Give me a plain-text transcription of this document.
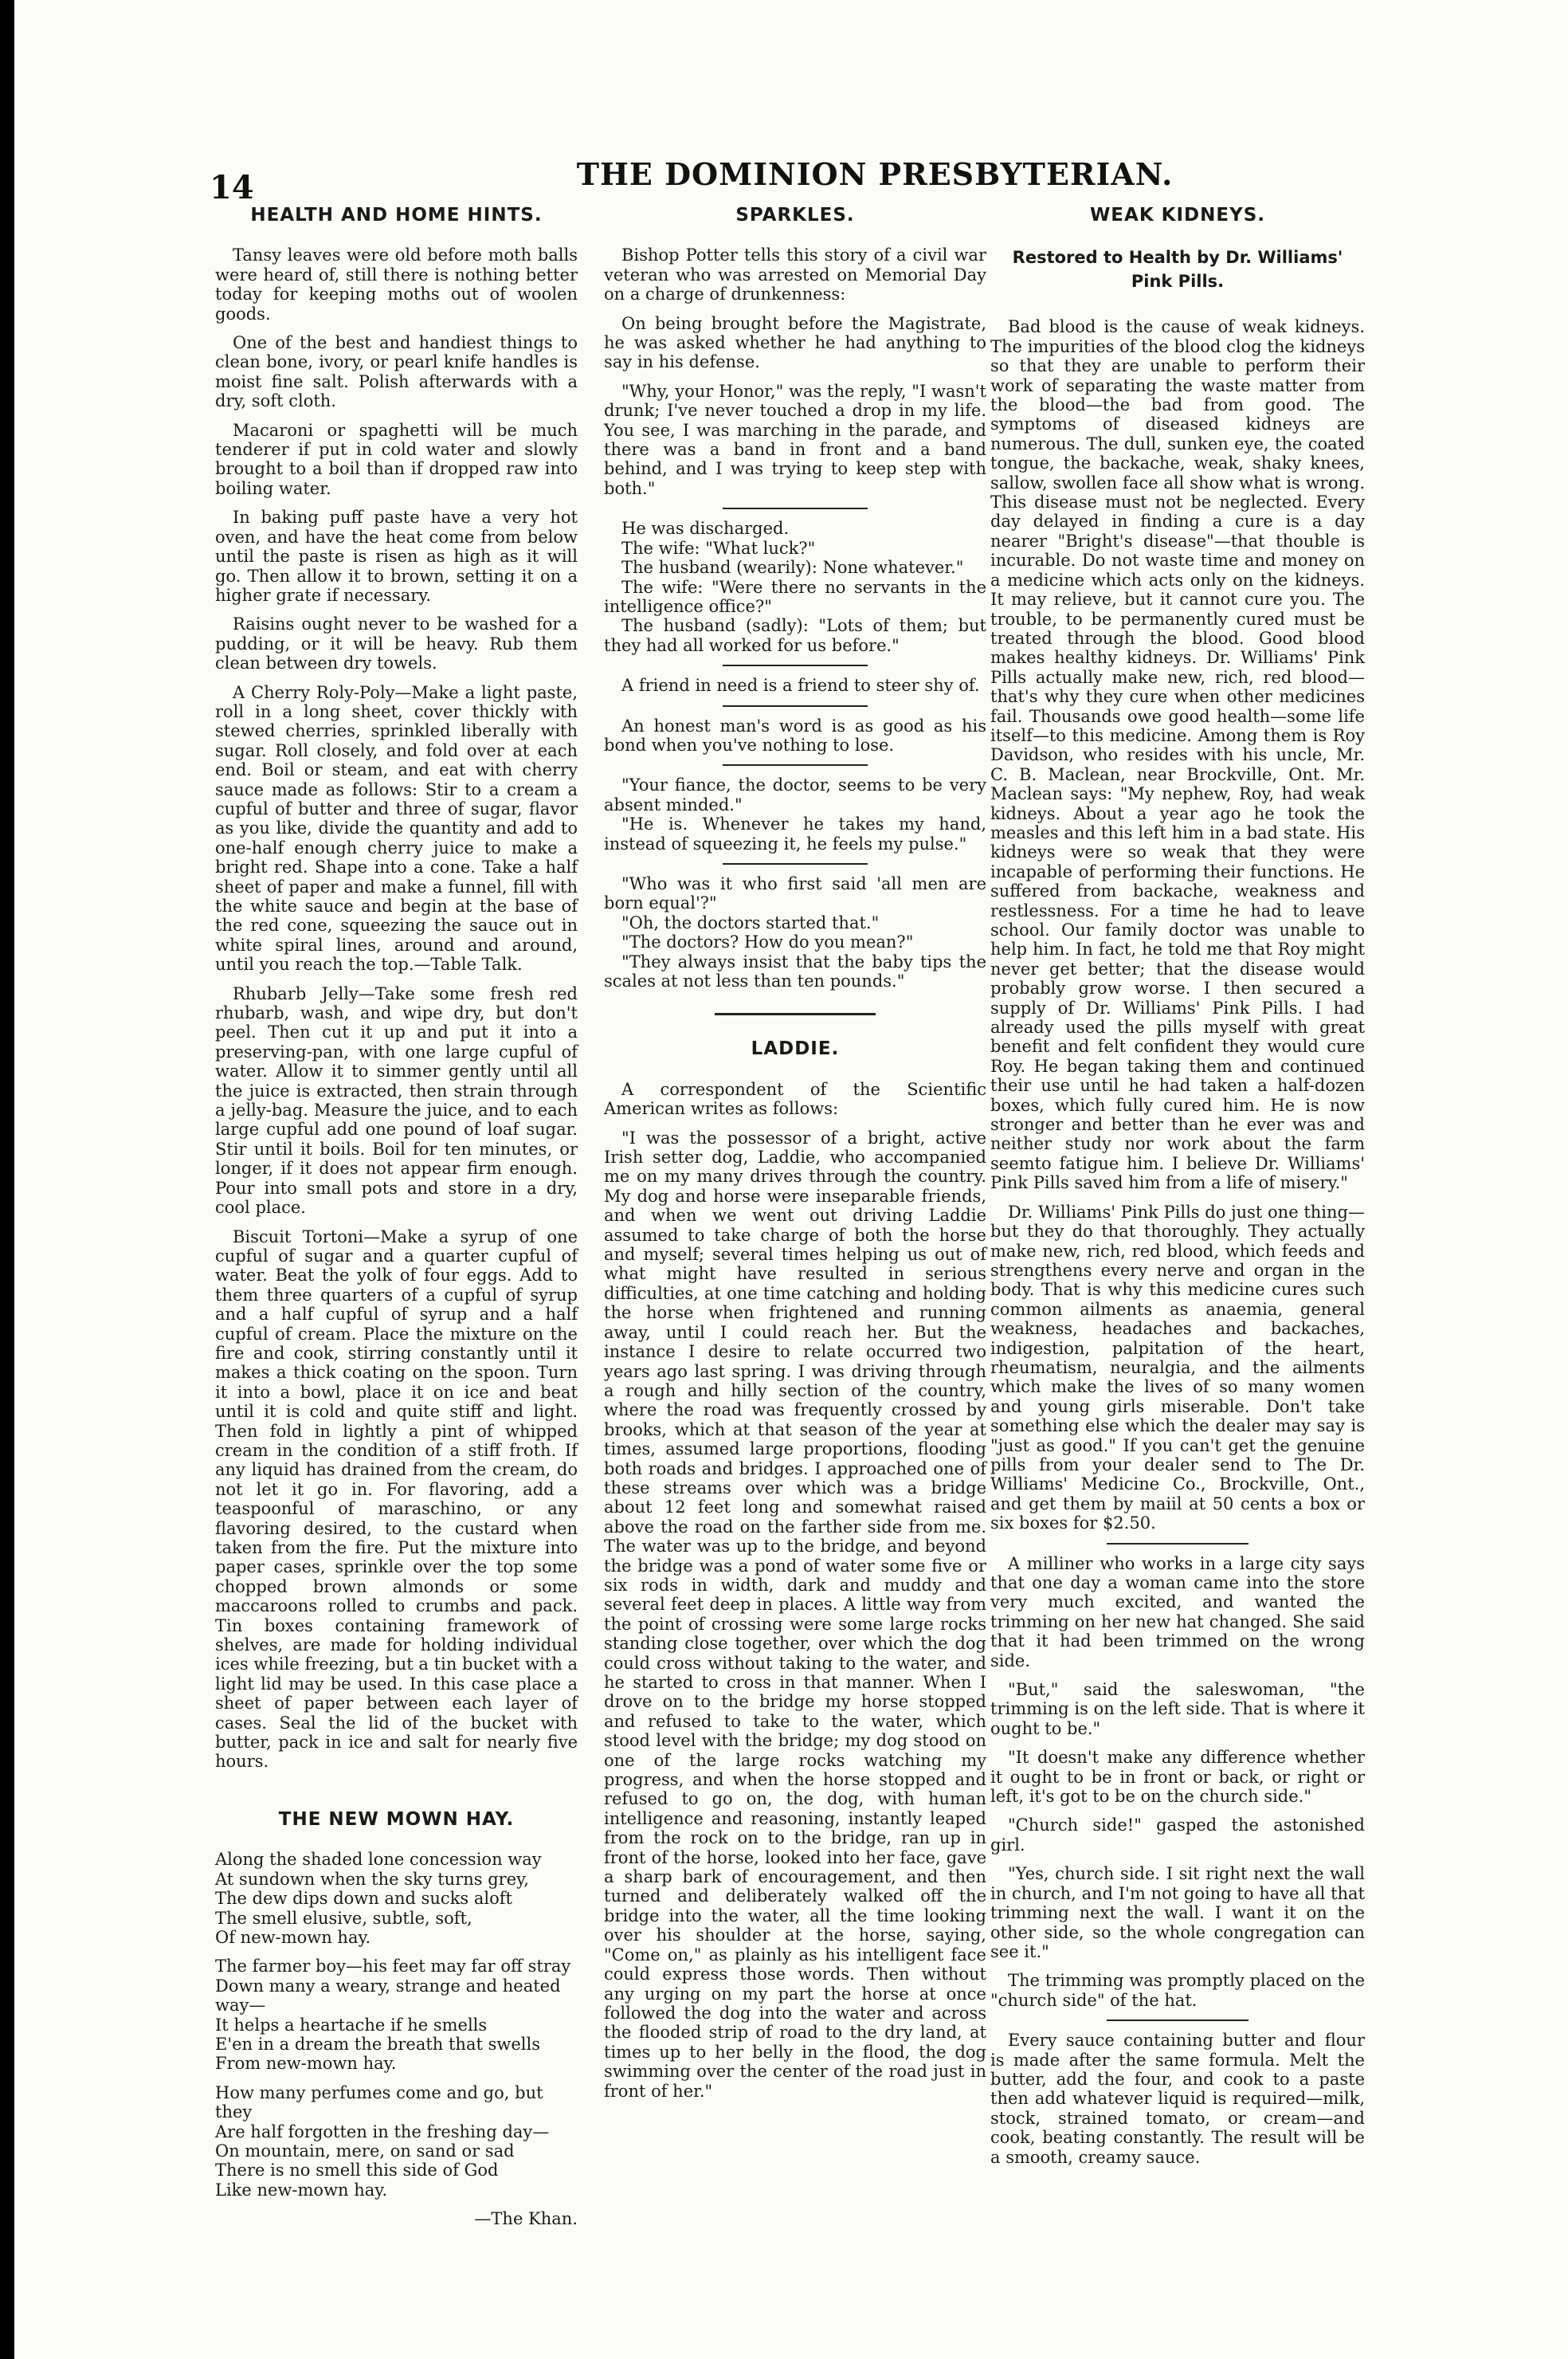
14	THE DOMINION PRESBYTERIAN.
HEALTH AND HOME HINTS.

Tansy leaves were old before moth balls were heard of, still there is nothing better today for keeping moths out of woolen goods.

One of the best and handiest things to clean bone, ivory, or pearl knife handles is moist fine salt. Polish afterwards with a dry, soft cloth.

Macaroni or spaghetti will be much tenderer if put in cold water and slowly brought to a boil than if dropped raw into boiling water.

In baking puff paste have a very hot oven, and have the heat come from below until the paste is risen as high as it will go. Then allow it to brown, setting it on a higher grate if necessary.

Raisins ought never to be washed for a pudding, or it will be heavy. Rub them clean between dry towels.

A Cherry Roly-Poly—Make a light paste, roll in a long sheet, cover thickly with stewed cherries, sprinkled liberally with sugar. Roll closely, and fold over at each end. Boil or steam, and eat with cherry sauce made as follows: Stir to a cream a cupful of butter and three of sugar, flavor as you like, divide the quantity and add to one-half enough cherry juice to make a bright red. Shape into a cone. Take a half sheet of paper and make a funnel, fill with the white sauce and begin at the base of the red cone, squeezing the sauce out in white spiral lines, around and around, until you reach the top.—Table Talk.

Rhubarb Jelly—Take some fresh red rhubarb, wash, and wipe dry, but don't peel. Then cut it up and put it into a preserving-pan, with one large cupful of water. Allow it to simmer gently until all the juice is extracted, then strain through a jelly-bag. Measure the juice, and to each large cupful add one pound of loaf sugar. Stir until it boils. Boil for ten minutes, or longer, if it does not appear firm enough. Pour into small pots and store in a dry, cool place.

Biscuit Tortoni—Make a syrup of one cupful of sugar and a quarter cupful of water. Beat the yolk of four eggs. Add to them three quarters of a cupful of syrup and a half cupful of syrup and a half cupful of cream. Place the mixture on the fire and cook, stirring constantly until it makes a thick coating on the spoon. Turn it into a bowl, place it on ice and beat until it is cold and quite stiff and light. Then fold in lightly a pint of whipped cream in the condition of a stiff froth. If any liquid has drained from the cream, do not let it go in. For flavoring, add a teaspoonful of maraschino, or any flavoring desired, to the custard when taken from the fire. Put the mixture into paper cases, sprinkle over the top some chopped brown almonds or some maccaroons rolled to crumbs and pack. Tin boxes containing framework of shelves, are made for holding individual ices while freezing, but a tin bucket with a light lid may be used. In this case place a sheet of paper between each layer of cases. Seal the lid of the bucket with butter, pack in ice and salt for nearly five hours.

THE NEW MOWN HAY.
Along the shaded lone concession way
At sundown when the sky turns grey,
The dew dips down and sucks aloft
The smell elusive, subtle, soft,
Of new-mown hay.
The farmer boy—his feet may far off stray
Down many a weary, strange and heated way—
It helps a heartache if he smells
E'en in a dream the breath that swells
From new-mown hay.
How many perfumes come and go, but they
Are half forgotten in the freshing day—
On mountain, mere, on sand or sad
There is no smell this side of God
Like new-mown hay.
—The Khan.
SPARKLES.

Bishop Potter tells this story of a civil war veteran who was arrested on Memorial Day on a charge of drunkenness:

On being brought before the Magistrate, he was asked whether he had anything to say in his defense.

"Why, your Honor," was the reply, "I wasn't drunk; I've never touched a drop in my life. You see, I was marching in the parade, and there was a band in front and a band behind, and I was trying to keep step with both."

He was discharged.

The wife: "What luck?"

The husband (wearily): None whatever."

The wife: "Were there no servants in the intelligence office?"

The husband (sadly): "Lots of them; but they had all worked for us before."

A friend in need is a friend to steer shy of.

An honest man's word is as good as his bond when you've nothing to lose.

"Your fiance, the doctor, seems to be very absent minded."

"He is. Whenever he takes my hand, instead of squeezing it, he feels my pulse."

"Who was it who first said 'all men are born equal'?"

"Oh, the doctors started that."

"The doctors? How do you mean?"

"They always insist that the baby tips the scales at not less than ten pounds."

LADDIE.

A correspondent of the Scientific American writes as follows:

"I was the possessor of a bright, active Irish setter dog, Laddie, who accompanied me on my many drives through the country. My dog and horse were inseparable friends, and when we went out driving Laddie assumed to take charge of both the horse and myself; several times helping us out of what might have resulted in serious difficulties, at one time catching and holding the horse when frightened and running away, until I could reach her. But the instance I desire to relate occurred two years ago last spring. I was driving through a rough and hilly section of the country, where the road was frequently crossed by brooks, which at that season of the year at times, assumed large proportions, flooding both roads and bridges. I approached one of these streams over which was a bridge about 12 feet long and somewhat raised above the road on the farther side from me. The water was up to the bridge, and beyond the bridge was a pond of water some five or six rods in width, dark and muddy and several feet deep in places. A little way from the point of crossing were some large rocks standing close together, over which the dog could cross without taking to the water, and he started to cross in that manner. When I drove on to the bridge my horse stopped and refused to take to the water, which stood level with the bridge; my dog stood on one of the large rocks watching my progress, and when the horse stopped and refused to go on, the dog, with human intelligence and reasoning, instantly leaped from the rock on to the bridge, ran up in front of the horse, looked into her face, gave a sharp bark of encouragement, and then turned and deliberately walked off the bridge into the water, all the time looking over his shoulder at the horse, saying, "Come on," as plainly as his intelligent face could express those words. Then without any urging on my part the horse at once followed the dog into the water and across the flooded strip of road to the dry land, at times up to her belly in the flood, the dog swimming over the center of the road just in front of her."

WEAK KIDNEYS.
Restored to Health by Dr. Williams' Pink Pills.

Bad blood is the cause of weak kidneys. The impurities of the blood clog the kidneys so that they are unable to perform their work of separating the waste matter from the blood—the bad from good. The symptoms of diseased kidneys are numerous. The dull, sunken eye, the coated tongue, the backache, weak, shaky knees, sallow, swollen face all show what is wrong. This disease must not be neglected. Every day delayed in finding a cure is a day nearer "Bright's disease"—that thouble is incurable. Do not waste time and money on a medicine which acts only on the kidneys. It may relieve, but it cannot cure you. The trouble, to be permanently cured must be treated through the blood. Good blood makes healthy kidneys. Dr. Williams' Pink Pills actually make new, rich, red blood—that's why they cure when other medicines fail. Thousands owe good health—some life itself—to this medicine. Among them is Roy Davidson, who resides with his uncle, Mr. C. B. Maclean, near Brockville, Ont. Mr. Maclean says: "My nephew, Roy, had weak kidneys. About a year ago he took the measles and this left him in a bad state. His kidneys were so weak that they were incapable of performing their functions. He suffered from backache, weakness and restlessness. For a time he had to leave school. Our family doctor was unable to help him. In fact, he told me that Roy might never get better; that the disease would probably grow worse. I then secured a supply of Dr. Williams' Pink Pills. I had already used the pills myself with great benefit and felt confident they would cure Roy. He began taking them and continued their use until he had taken a half-dozen boxes, which fully cured him. He is now stronger and better than he ever was and neither study nor work about the farm seemto fatigue him. I believe Dr. Williams' Pink Pills saved him from a life of misery."

Dr. Williams' Pink Pills do just one thing—but they do that thoroughly. They actually make new, rich, red blood, which feeds and strengthens every nerve and organ in the body. That is why this medicine cures such common ailments as anaemia, general weakness, headaches and backaches, indigestion, palpitation of the heart, rheumatism, neuralgia, and the ailments which make the lives of so many women and young girls miserable. Don't take something else which the dealer may say is "just as good." If you can't get the genuine pills from your dealer send to The Dr. Williams' Medicine Co., Brockville, Ont., and get them by maiil at 50 cents a box or six boxes for $2.50.

A milliner who works in a large city says that one day a woman came into the store very much excited, and wanted the trimming on her new hat changed. She said that it had been trimmed on the wrong side.

"But," said the saleswoman, "the trimming is on the left side. That is where it ought to be."

"It doesn't make any difference whether it ought to be in front or back, or right or left, it's got to be on the church side."

"Church side!" gasped the astonished girl.

"Yes, church side. I sit right next the wall in church, and I'm not going to have all that trimming next the wall. I want it on the other side, so the whole congregation can see it."

The trimming was promptly placed on the "church side" of the hat.

Every sauce containing butter and flour is made after the same formula. Melt the butter, add the four, and cook to a paste then add whatever liquid is required—milk, stock, strained tomato, or cream—and cook, beating constantly. The result will be a smooth, creamy sauce.
